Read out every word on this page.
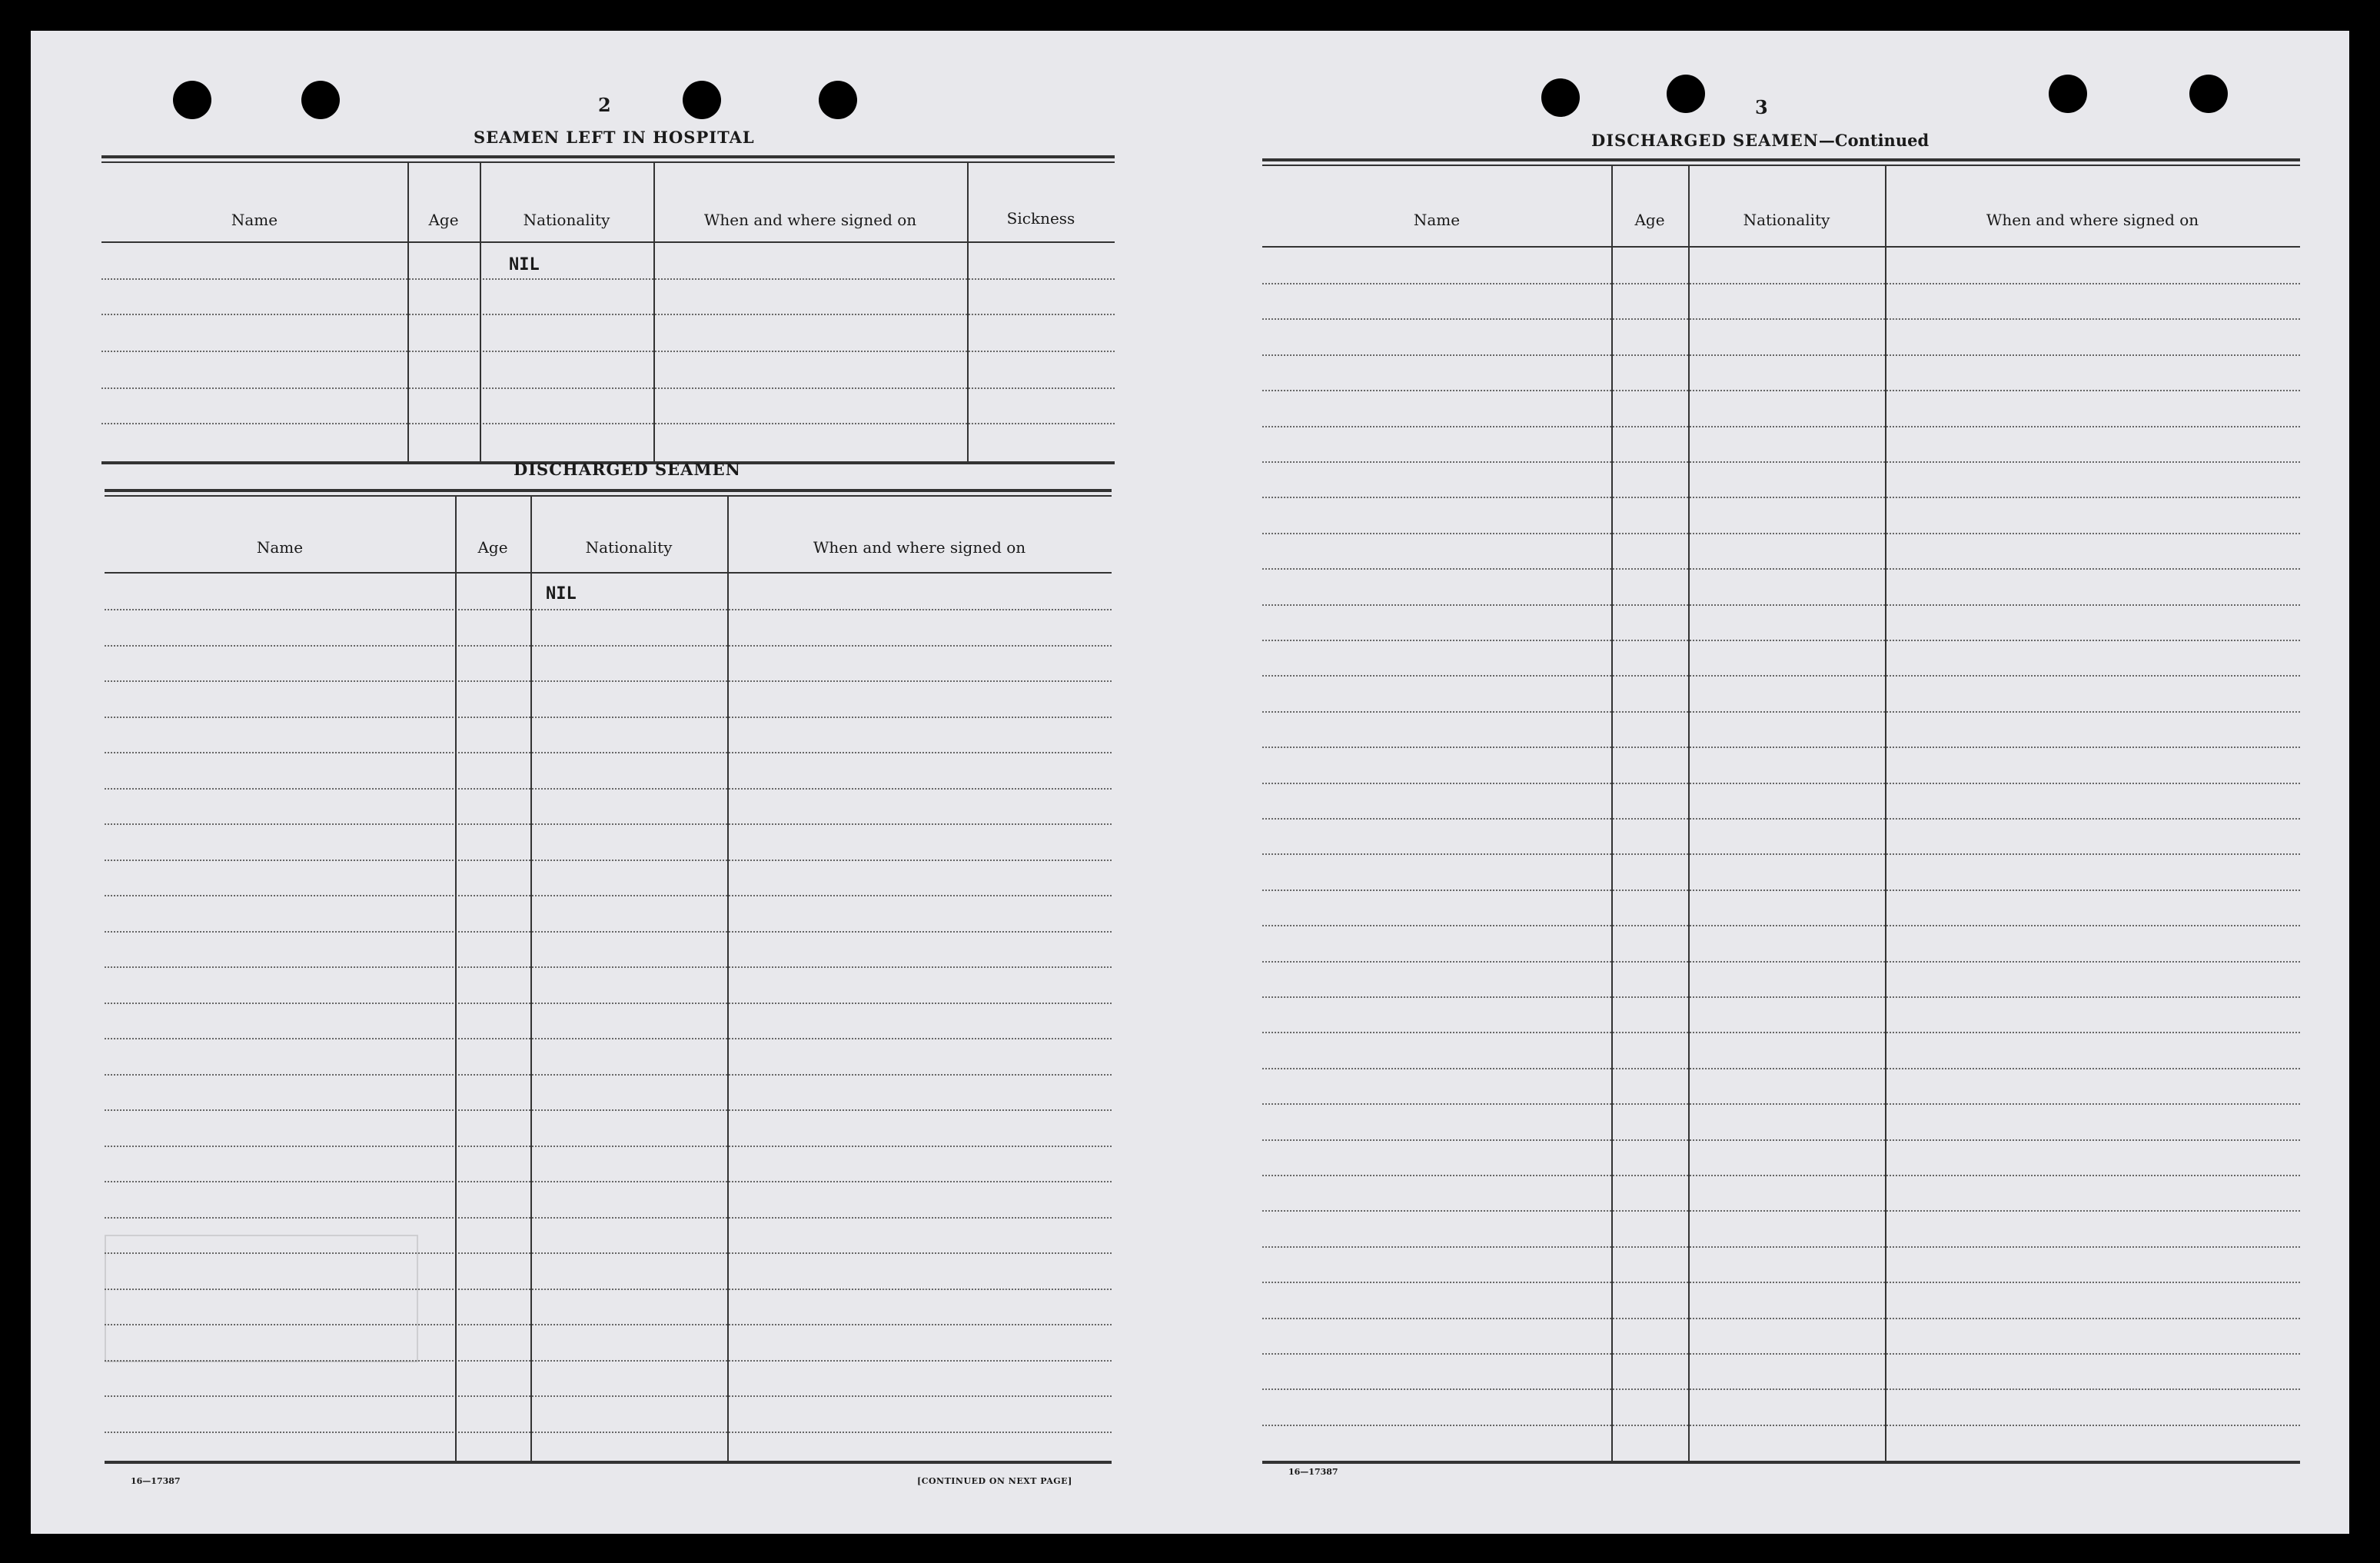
2
SEAMEN LEFT IN HOSPITAL
Name	Age	Nationality	When and where signed on	Sickness
NIL
DISCHARGED SEAMEN
Name	Age	Nationality	When and where signed on
NIL
16—17387	[CONTINUED ON NEXT PAGE]
3
DISCHARGED SEAMEN—Continued
Name	Age	Nationality	When and where signed on
16—17387
